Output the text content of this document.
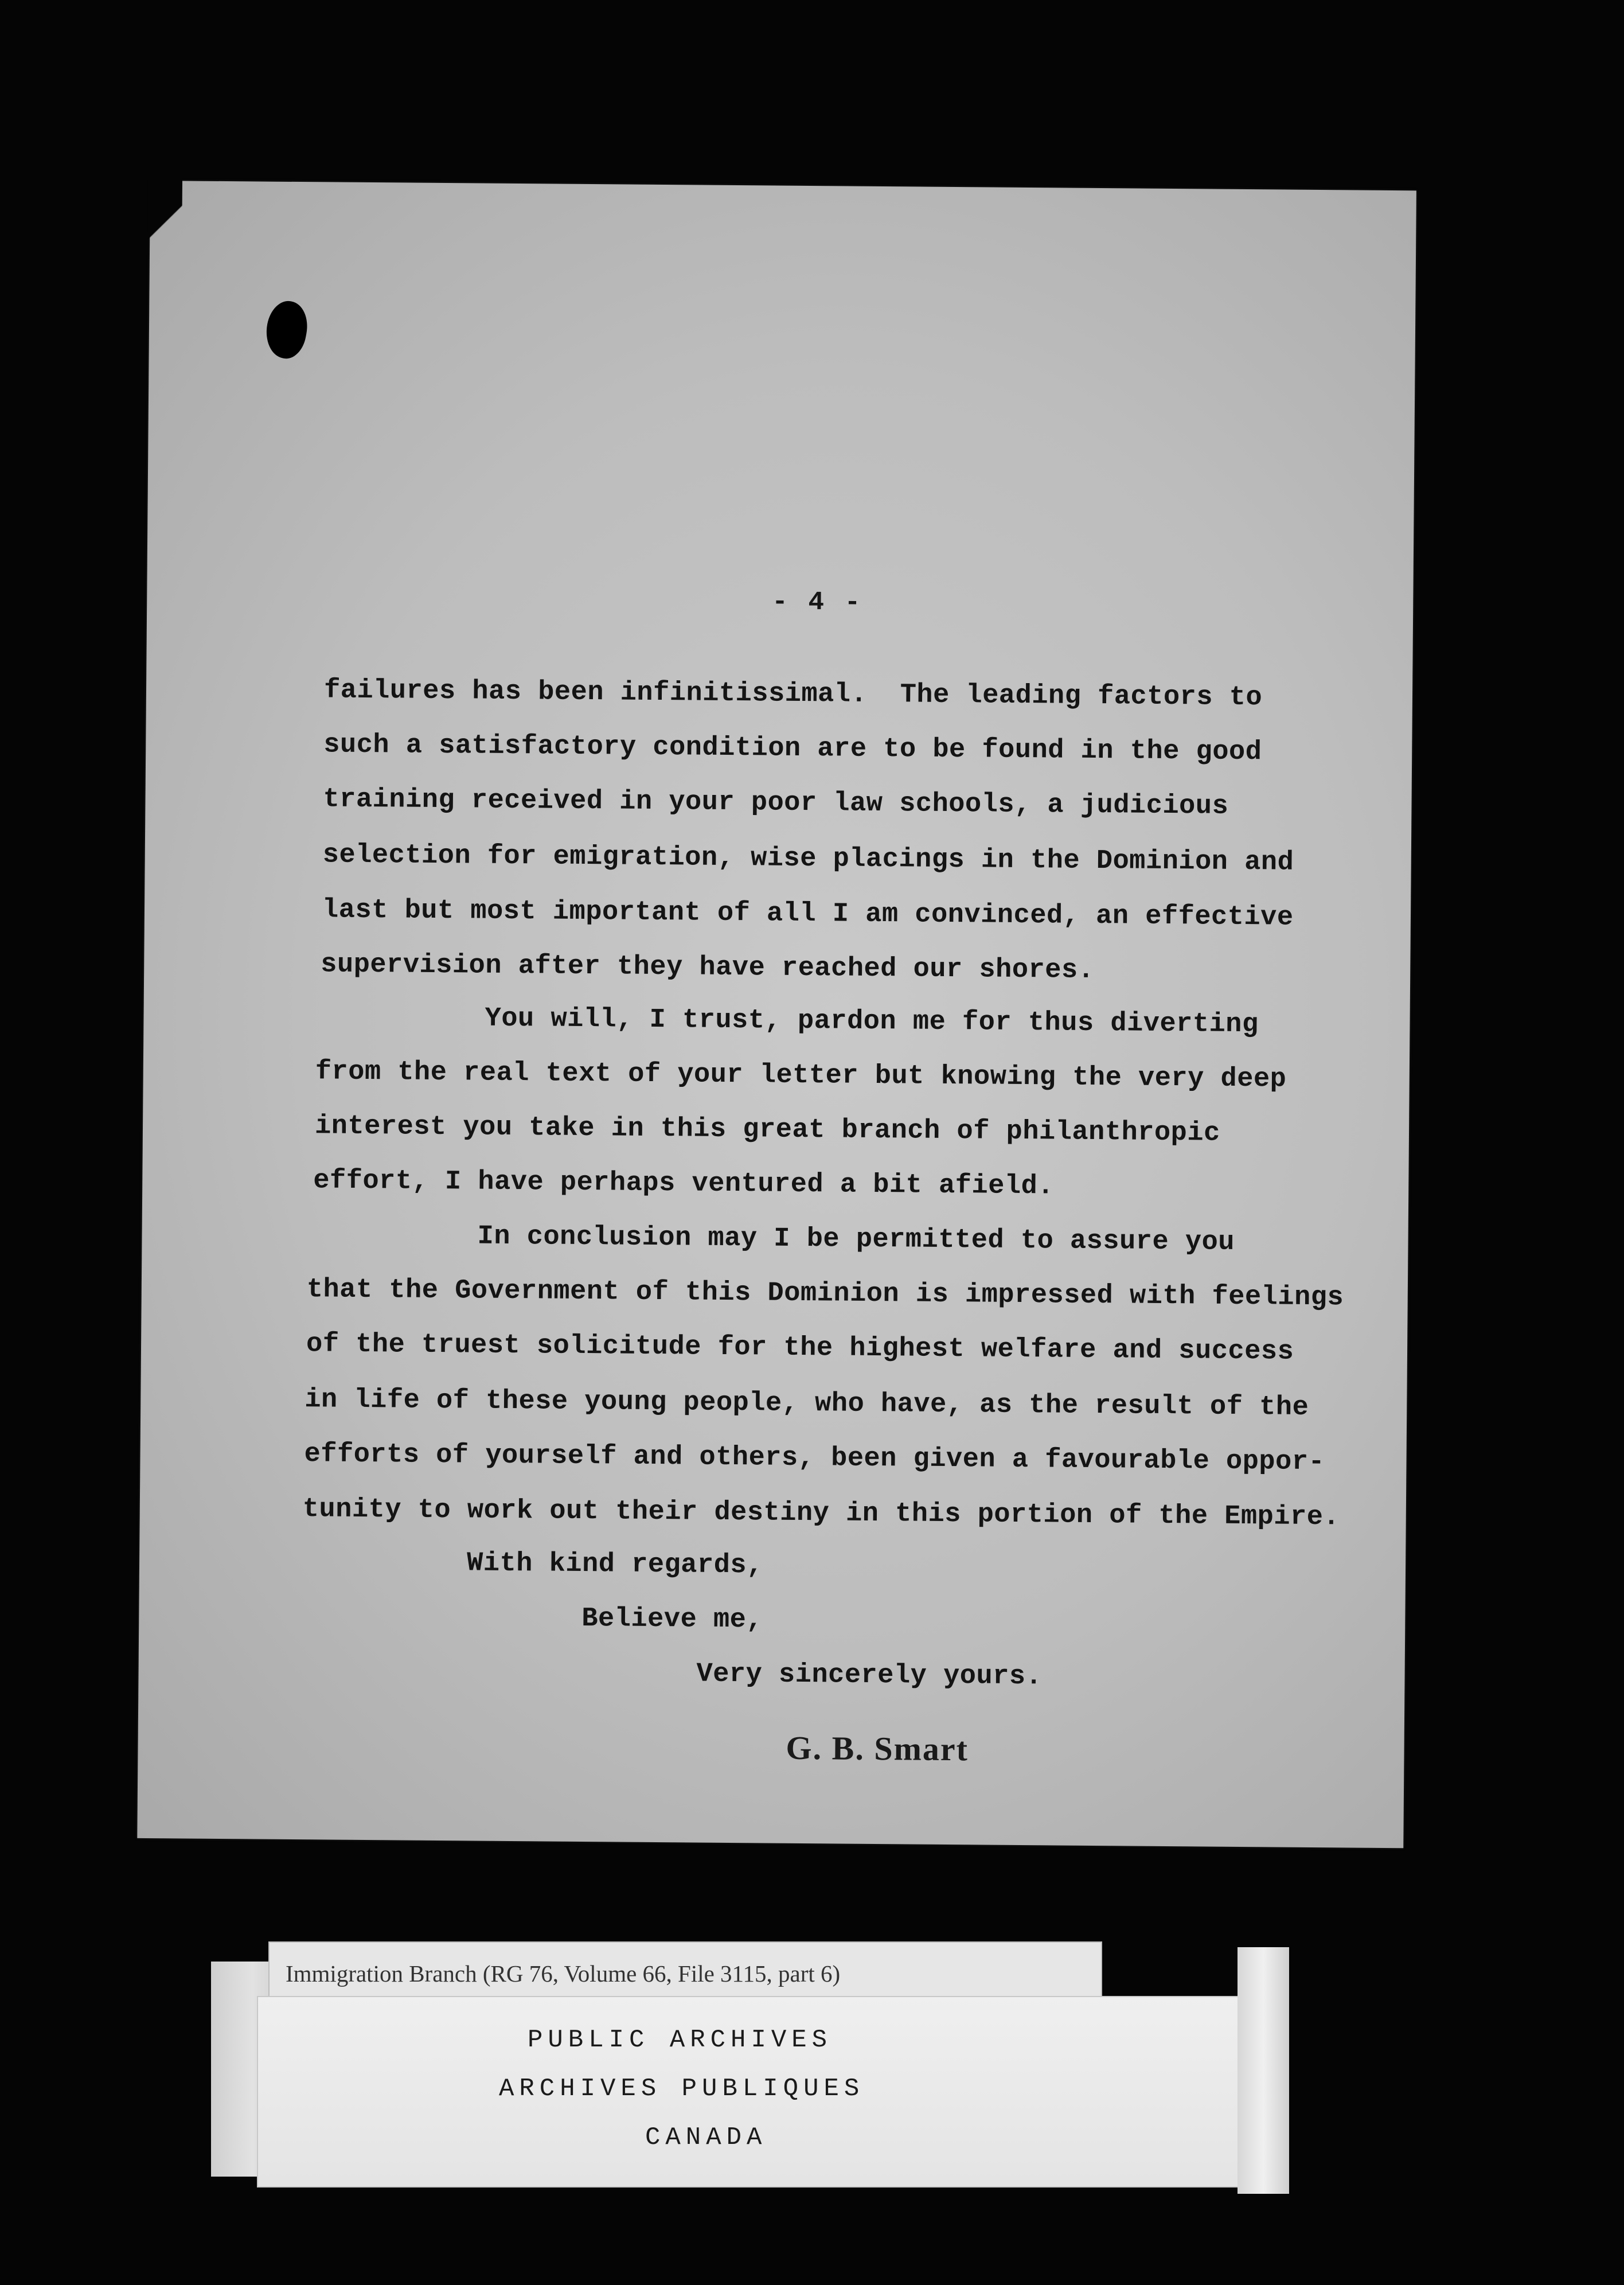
- 4 -
failures has been infinitissimal.  The leading factors to
such a satisfactory condition are to be found in the good
training received in your poor law schools, a judicious
selection for emigration, wise placings in the Dominion and
last but most important of all I am convinced, an effective
supervision after they have reached our shores.
You will, I trust, pardon me for thus diverting
from the real text of your letter but knowing the very deep
interest you take in this great branch of philanthropic
effort, I have perhaps ventured a bit afield.
In conclusion may I be permitted to assure you
that the Government of this Dominion is impressed with feelings
of the truest solicitude for the highest welfare and success
in life of these young people, who have, as the result of the
efforts of yourself and others, been given a favourable oppor-
tunity to work out their destiny in this portion of the Empire.
With kind regards,
Believe me,
Very sincerely yours.
G. B. Smart
Immigration Branch (RG 76, Volume 66, File 3115, part 6)
PUBLIC ARCHIVES
ARCHIVES PUBLIQUES
CANADA
